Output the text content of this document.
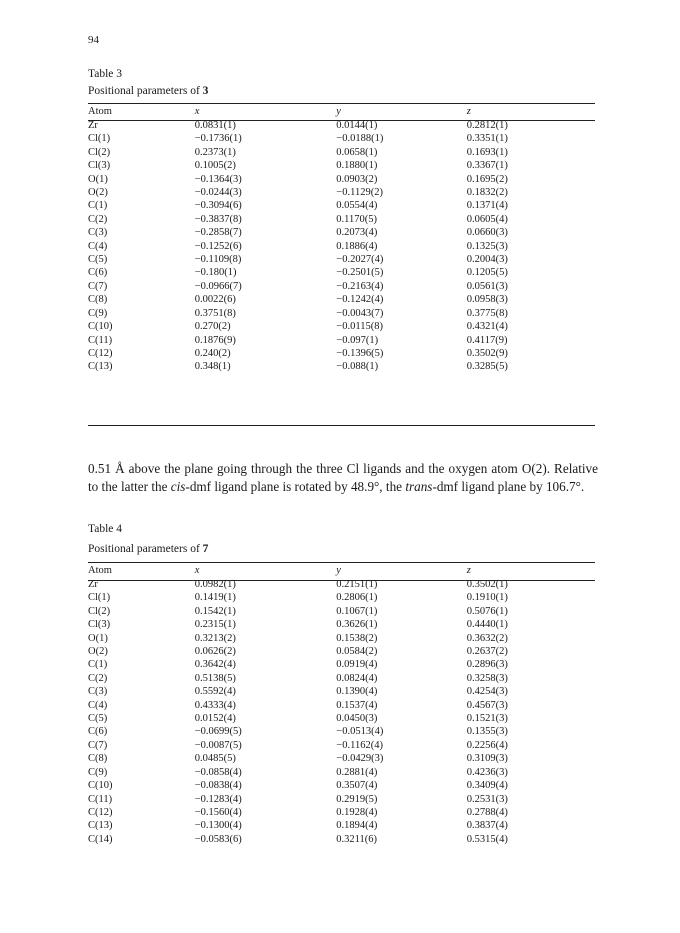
94
Table 3
Positional parameters of 3
Atom	x	y	z
Zr	0.0831(1)	0.0144(1)	0.2812(1)
Cl(1)	−0.1736(1)	−0.0188(1)	0.3351(1)
Cl(2)	0.2373(1)	0.0658(1)	0.1693(1)
Cl(3)	0.1005(2)	0.1880(1)	0.3367(1)
O(1)	−0.1364(3)	0.0903(2)	0.1695(2)
O(2)	−0.0244(3)	−0.1129(2)	0.1832(2)
C(1)	−0.3094(6)	0.0554(4)	0.1371(4)
C(2)	−0.3837(8)	0.1170(5)	0.0605(4)
C(3)	−0.2858(7)	0.2073(4)	0.0660(3)
C(4)	−0.1252(6)	0.1886(4)	0.1325(3)
C(5)	−0.1109(8)	−0.2027(4)	0.2004(3)
C(6)	−0.180(1)	−0.2501(5)	0.1205(5)
C(7)	−0.0966(7)	−0.2163(4)	0.0561(3)
C(8)	0.0022(6)	−0.1242(4)	0.0958(3)
C(9)	0.3751(8)	−0.0043(7)	0.3775(8)
C(10)	0.270(2)	−0.0115(8)	0.4321(4)
C(11)	0.1876(9)	−0.097(1)	0.4117(9)
C(12)	0.240(2)	−0.1396(5)	0.3502(9)
C(13)	0.348(1)	−0.088(1)	0.3285(5)
0.51 Å above the plane going through the three Cl ligands and the oxygen atom O(2). Relative to the latter the cis-dmf ligand plane is rotated by 48.9°, the trans-dmf ligand plane by 106.7°.
Table 4
Positional parameters of 7
Atom	x	y	z
Zr	0.0982(1)	0.2151(1)	0.3502(1)
Cl(1)	0.1419(1)	0.2806(1)	0.1910(1)
Cl(2)	0.1542(1)	0.1067(1)	0.5076(1)
Cl(3)	0.2315(1)	0.3626(1)	0.4440(1)
O(1)	0.3213(2)	0.1538(2)	0.3632(2)
O(2)	0.0626(2)	0.0584(2)	0.2637(2)
C(1)	0.3642(4)	0.0919(4)	0.2896(3)
C(2)	0.5138(5)	0.0824(4)	0.3258(3)
C(3)	0.5592(4)	0.1390(4)	0.4254(3)
C(4)	0.4333(4)	0.1537(4)	0.4567(3)
C(5)	0.0152(4)	0.0450(3)	0.1521(3)
C(6)	−0.0699(5)	−0.0513(4)	0.1355(3)
C(7)	−0.0087(5)	−0.1162(4)	0.2256(4)
C(8)	0.0485(5)	−0.0429(3)	0.3109(3)
C(9)	−0.0858(4)	0.2881(4)	0.4236(3)
C(10)	−0.0838(4)	0.3507(4)	0.3409(4)
C(11)	−0.1283(4)	0.2919(5)	0.2531(3)
C(12)	−0.1560(4)	0.1928(4)	0.2788(4)
C(13)	−0.1300(4)	0.1894(4)	0.3837(4)
C(14)	−0.0583(6)	0.3211(6)	0.5315(4)
